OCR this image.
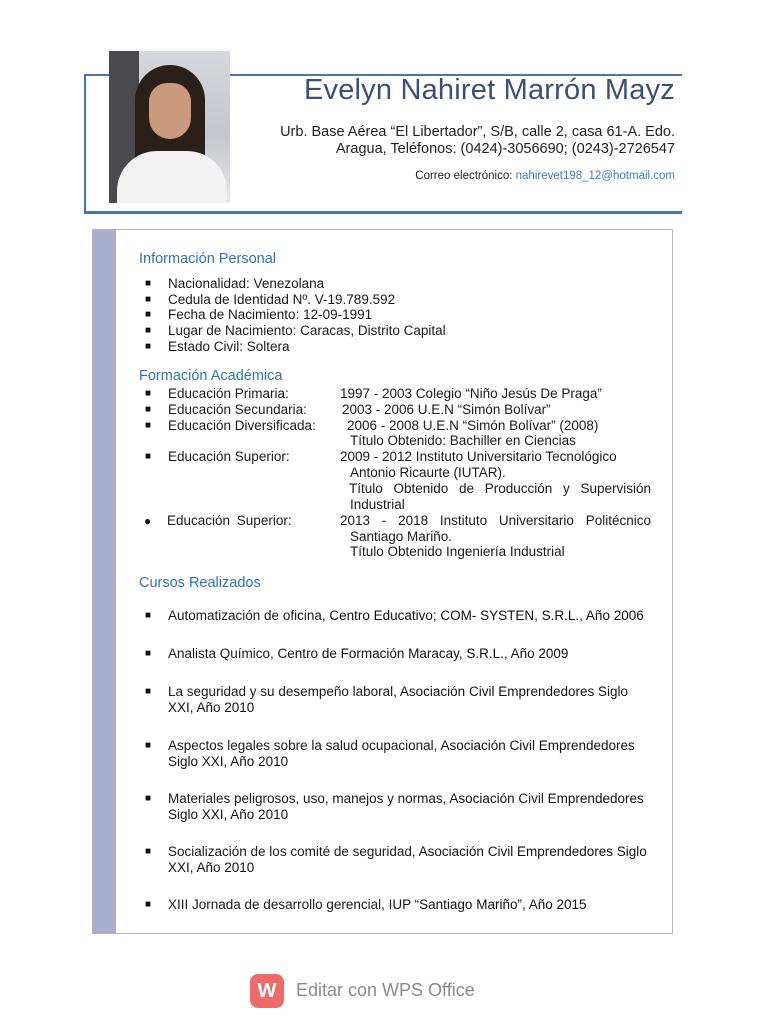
Evelyn Nahiret Marrón Mayz

Urb. Base Aérea “El Libertador”, S/B, calle 2, casa 61-A. Edo. Aragua, Teléfonos: (0424)-3056690; (0243)-2726547

Correo electrónico: nahirevet198_12@hotmail.com

Información Personal
■ Nacionalidad: Venezolana
■ Cedula de Identidad Nº. V-19.789.592
■ Fecha de Nacimiento: 12-09-1991
■ Lugar de Nacimiento: Caracas, Distrito Capital
■ Estado Civil: Soltera
Formación Académica
■ Educación Primaria:	1997 - 2003 Colegio “Niño Jesús De Praga”
■ Educación Secundaria:	2003 - 2006 U.E.N “Simón Bolívar”
■ Educación Diversificada: 2006 - 2008 U.E.N “Simón Bolívar” (2008)
Título Obtenido: Bachiller en Ciencias
■ Educación Superior:	2009 - 2012 Instituto Universitario Tecnológico
Antonio Ricaurte (IUTAR).
Título Obtenido de Producción y Supervisión
Industrial
● Educación Superior:	2013 - 2018 Instituto Universitario Politécnico
Santiago Mariño.
Título Obtenido Ingeniería Industrial
Cursos Realizados
■ Automatización de oficina, Centro Educativo; COM- SYSTEN, S.R.L., Año 2006
■ Analista Químico, Centro de Formación Maracay, S.R.L., Año 2009
■ La seguridad y su desempeño laboral, Asociación Civil Emprendedores Siglo XXI, Año 2010
■ Aspectos legales sobre la salud ocupacional, Asociación Civil Emprendedores Siglo XXI, Año 2010
■ Materiales peligrosos, uso, manejos y normas, Asociación Civil Emprendedores Siglo XXI, Año 2010
■ Socialización de los comité de seguridad, Asociación Civil Emprendedores Siglo XXI, Año 2010
■ XIII Jornada de desarrollo gerencial, IUP “Santiago Mariño”, Año 2015
W	Editar con WPS Office
